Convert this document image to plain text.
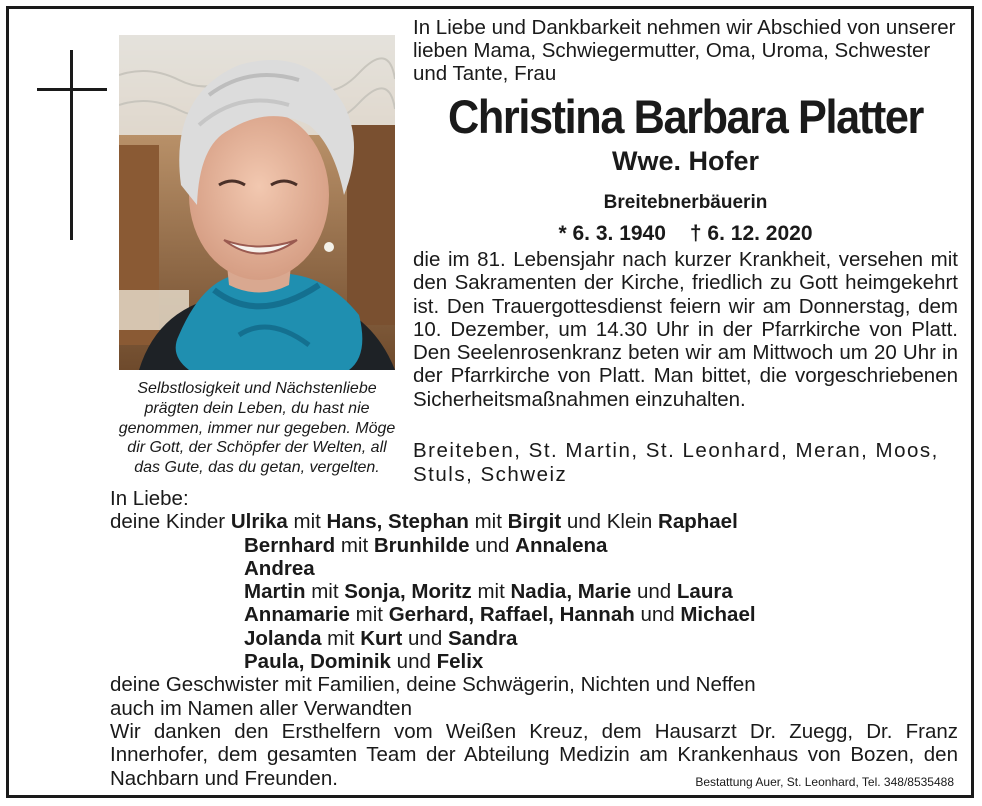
Selbstlosigkeit und Nächstenliebe prägten dein Leben, du hast nie genommen, immer nur gegeben. Möge dir Gott, der Schöpfer der Welten, all das Gute, das du getan, vergelten.
In Liebe und Dankbarkeit nehmen wir Abschied von unserer lieben Mama, Schwiegermutter, Oma, Uroma, Schwester und Tante, Frau
Christina Barbara Platter
Wwe. Hofer
Breitebnerbäuerin
* 6. 3. 1940 † 6. 12. 2020
die im 81. Lebensjahr nach kurzer Krankheit, versehen mit den Sakramenten der Kirche, friedlich zu Gott heimgekehrt ist. Den Trauergottesdienst feiern wir am Donnerstag, dem 10. Dezember, um 14.30 Uhr in der Pfarrkirche von Platt. Den Seelenrosenkranz beten wir am Mittwoch um 20 Uhr in der Pfarrkirche von Platt. Man bittet, die vorgeschriebenen Sicherheitsmaßnahmen einzuhalten.
Breiteben, St. Martin, St. Leonhard, Meran, Moos, Stuls, Schweiz
In Liebe:
deine Kinder Ulrika mit Hans, Stephan mit Birgit und Klein Raphael
Bernhard mit Brunhilde und Annalena
Andrea
Martin mit Sonja, Moritz mit Nadia, Marie und Laura
Annamarie mit Gerhard, Raffael, Hannah und Michael
Jolanda mit Kurt und Sandra
Paula, Dominik und Felix
deine Geschwister mit Familien, deine Schwägerin, Nichten und Neffen
auch im Namen aller Verwandten
Wir danken den Ersthelfern vom Weißen Kreuz, dem Hausarzt Dr. Zuegg, Dr. Franz Innerhofer, dem gesamten Team der Abteilung Medizin am Krankenhaus von Bozen, den Nachbarn und Freunden.	Bestattung Auer, St. Leonhard, Tel. 348/8535488
